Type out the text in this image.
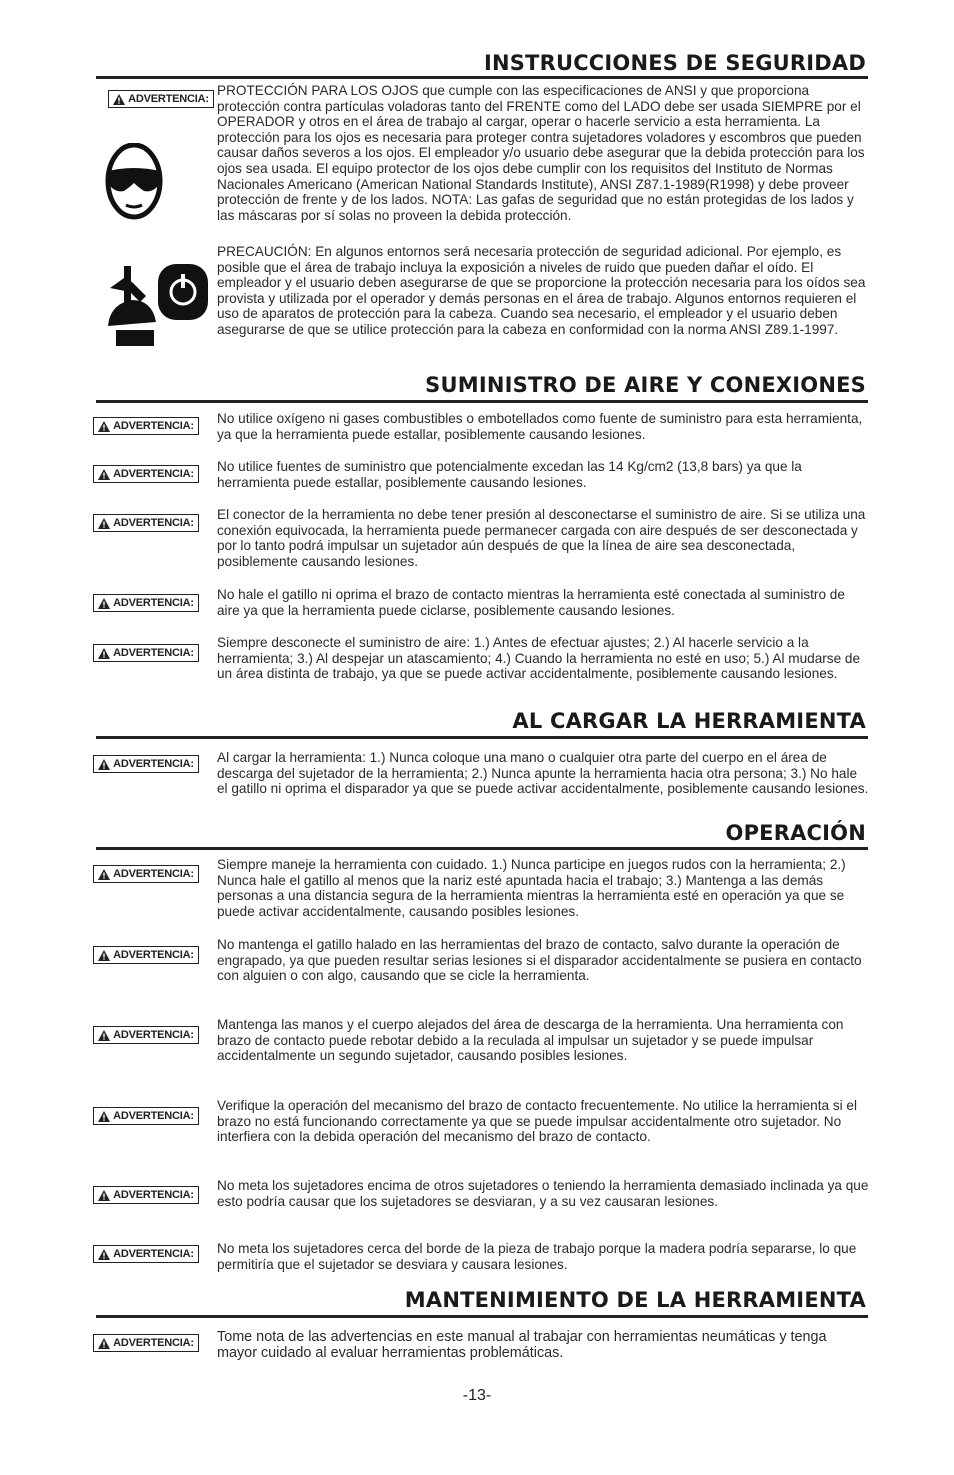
INSTRUCCIONES DE SEGURIDAD
ADVERTENCIA:
PROTECCIÓN PARA LOS OJOS que cumple con las especificaciones de ANSI y que proporciona protección contra partículas voladoras tanto del FRENTE como del LADO debe ser usada SIEMPRE por el OPERADOR y otros en el área de trabajo al cargar, operar o hacerle servicio a esta herramienta. La protección para los ojos es necesaria para proteger contra sujetadores voladores y escombros que pueden causar daños severos a los ojos. El empleador y/o usuario debe asegurar que la debida protección para los ojos sea usada. El equipo protector de los ojos debe cumplir con los requisitos del Instituto de Normas Nacionales Americano (American National Standards Institute), ANSI Z87.1-1989(R1998) y debe proveer protección de frente y de los lados. NOTA: Las gafas de seguridad que no están protegidas de los lados y las máscaras por sí solas no proveen la debida protección.
PRECAUCIÓN: En algunos entornos será necesaria protección de seguridad adicional. Por ejemplo, es posible que el área de trabajo incluya la exposición a niveles de ruido que pueden dañar el oído. El empleador y el usuario deben asegurarse de que se proporcione la protección necesaria para los oídos sea provista y utilizada por el operador y demás personas en el área de trabajo. Algunos entornos requieren el uso de aparatos de protección para la cabeza. Cuando sea necesario, el empleador y el usuario deben asegurarse de que se utilice protección para la cabeza en conformidad con la norma ANSI Z89.1-1997.
SUMINISTRO DE AIRE Y CONEXIONES
ADVERTENCIA: No utilice oxígeno ni gases combustibles o embotellados como fuente de suministro para esta herramienta, ya que la herramienta puede estallar, posiblemente causando lesiones.
ADVERTENCIA: No utilice fuentes de suministro que potencialmente excedan las 14 Kg/cm2 (13,8 bars) ya que la herramienta puede estallar, posiblemente causando lesiones.
ADVERTENCIA:
El conector de la herramienta no debe tener presión al desconectarse el suministro de aire. Si se utiliza una conexión equivocada, la herramienta puede permanecer cargada con aire después de ser desconectada y por lo tanto podrá impulsar un sujetador aún después de que la línea de aire sea desconectada, posiblemente causando lesiones.
ADVERTENCIA:
No hale el gatillo ni oprima el brazo de contacto mientras la herramienta esté conectada al suministro de aire ya que la herramienta puede ciclarse, posiblemente causando lesiones.
ADVERTENCIA:
Siempre desconecte el suministro de aire: 1.) Antes de efectuar ajustes; 2.) Al hacerle servicio a la herramienta; 3.) Al despejar un atascamiento; 4.) Cuando la herramienta no esté en uso; 5.) Al mudarse de un área distinta de trabajo, ya que se puede activar accidentalmente, posiblemente causando lesiones.
AL CARGAR LA HERRAMIENTA
ADVERTENCIA: Al cargar la herramienta: 1.) Nunca coloque una mano o cualquier otra parte del cuerpo en el área de descarga del sujetador de la herramienta; 2.) Nunca apunte la herramienta hacia otra persona; 3.) No hale el gatillo ni oprima el disparador ya que se puede activar accidentalmente, posiblemente causando lesiones.
OPERACIÓN
ADVERTENCIA:
Siempre maneje la herramienta con cuidado. 1.) Nunca participe en juegos rudos con la herramienta; 2.) Nunca hale el gatillo al menos que la nariz esté apuntada hacia el trabajo; 3.) Mantenga a las demás personas a una distancia segura de la herramienta mientras la herramienta esté en operación ya que se puede activar accidentalmente, causando posibles lesiones.
ADVERTENCIA:
No mantenga el gatillo halado en las herramientas del brazo de contacto, salvo durante la operación de engrapado, ya que pueden resultar serias lesiones si el disparador accidentalmente se pusiera en contacto con alguien o con algo, causando que se cicle la herramienta.
ADVERTENCIA:
Mantenga las manos y el cuerpo alejados del área de descarga de la herramienta. Una herramienta con brazo de contacto puede rebotar debido a la reculada al impulsar un sujetador y se puede impulsar accidentalmente un segundo sujetador, causando posibles lesiones.
ADVERTENCIA:
Verifique la operación del mecanismo del brazo de contacto frecuentemente. No utilice la herramienta si el brazo no está funcionando correctamente ya que se puede impulsar accidentalmente otro sujetador. No interfiera con la debida operación del mecanismo del brazo de contacto.
ADVERTENCIA:
No meta los sujetadores encima de otros sujetadores o teniendo la herramienta demasiado inclinada ya que esto podría causar que los sujetadores se desviaran, y a su vez causaran lesiones.
ADVERTENCIA: No meta los sujetadores cerca del borde de la pieza de trabajo porque la madera podría separarse, lo que permitiría que el sujetador se desviara y causara lesiones.
MANTENIMIENTO DE LA HERRAMIENTA
ADVERTENCIA: Tome nota de las advertencias en este manual al trabajar con herramientas neumáticas y tenga mayor cuidado al evaluar herramientas problemáticas.
-13-
